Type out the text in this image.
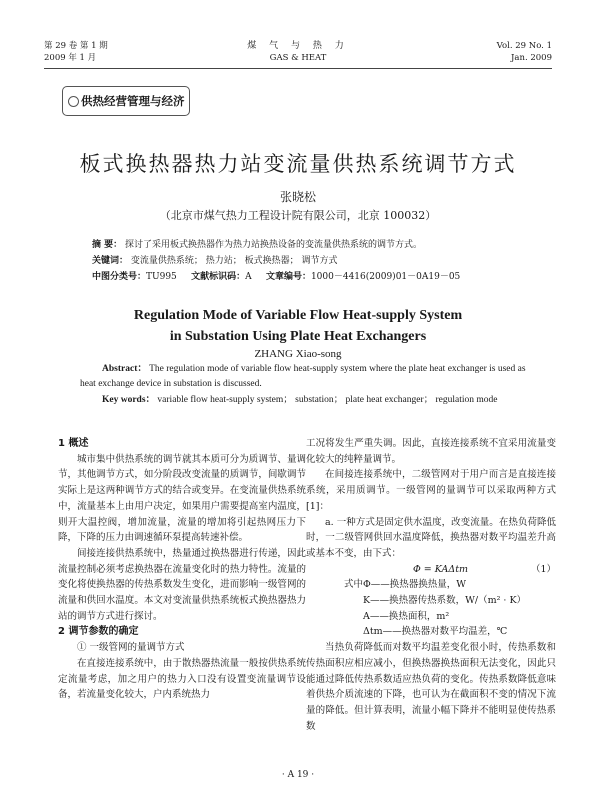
第 29 卷 第 1 期
2009 年 1 月
煤 气 与 热 力
GAS & HEAT
Vol. 29 No. 1
Jan. 2009
供热经营管理与经济
板式换热器热力站变流量供热系统调节方式
张晓松
（北京市煤气热力工程设计院有限公司，北京 100032）
摘 要： 探讨了采用板式换热器作为热力站换热设备的变流量供热系统的调节方式。
关键词： 变流量供热系统； 热力站； 板式换热器； 调节方式
中图分类号：TU995 文献标识码：A 文章编号：1000－4416(2009)01－0A19－05
Regulation Mode of Variable Flow Heat-supply System
in Substation Using Plate Heat Exchangers
ZHANG Xiao-song
Abstract： The regulation mode of variable flow heat-supply system where the plate heat exchanger is used as heat exchange device in substation is discussed.
Key words： variable flow heat-supply system； substation； plate heat exchanger； regulation mode
1 概述

城市集中供热系统的调节就其本质可分为质调节、量调节，其他调节方式，如分阶段改变流量的质调节，间歇调节实际上是这两种调节方式的结合或变异。在变流量供热系统中，流量基本上由用户决定，如果用户需要提高室内温度，则开大温控阀，增加流量，流量的增加将引起热网压力下降，下降的压力由调速循环泵提高转速补偿。

间接连接供热系统中，热量通过换热器进行传递，因此流量控制必须考虑换热器在流量变化时的热力特性。流量的变化将使换热器的传热系数发生变化，进而影响一级管网的流量和供回水温度。本文对变流量供热系统板式换热器热力站的调节方式进行探讨。

2 调节参数的确定

① 一级管网的量调节方式

在直接连接系统中，由于散热器热流量一般按供热系统定流量考虑，加之用户的热力入口没有设置变流量调节设备，若流量变化较大，户内系统热力

工况将发生严重失调。因此，直接连接系统不宜采用流量变化较大的纯粹量调节。

在间接连接系统中，二级管网对于用户而言是直接连接系统，采用质调节。一级管网的量调节可以采取两种方式[1]：

a. 一种方式是固定供水温度，改变流量。在热负荷降低时，一二级管网供回水温度降低，换热器对数平均温差升高或基本不变，由下式：

Φ = KAΔtm	（1）

式中Φ——换热器换热量，W

K——换热器传热系数，W/（m² · K）

A——换热面积，m²

Δtm——换热器对数平均温差，℃

当热负荷降低而对数平均温差变化很小时，传热系数和传热面积应相应减小，但换热器换热面积无法变化，因此只能通过降低传热系数适应热负荷的变化。传热系数降低意味着供热介质流速的下降，也可认为在截面积不变的情况下流量的降低。但计算表明，流量小幅下降并不能明显使传热系数

· A 19 ·
